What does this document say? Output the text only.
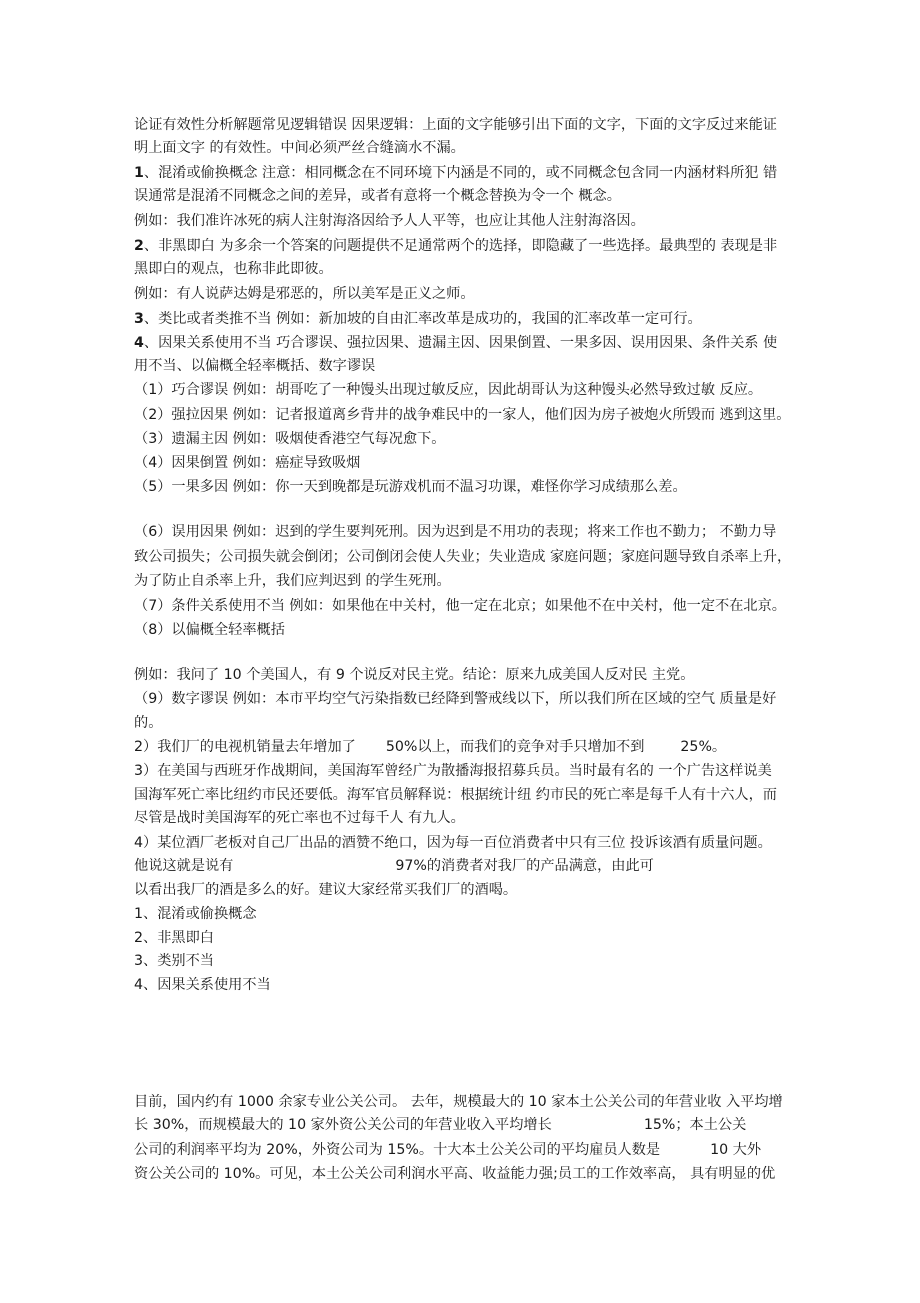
论证有效性分析解题常见逻辑错误 因果逻辑：上面的文字能够引出下面的文字，下面的文字反过来能证
明上面文字 的有效性。中间必须严丝合缝滴水不漏。
1、混淆或偷换概念 注意：相同概念在不同环境下内涵是不同的，或不同概念包含同一内涵材料所犯 错
误通常是混淆不同概念之间的差异，或者有意将一个概念替换为令一个 概念。
例如：我们准许冰死的病人注射海洛因给予人人平等，也应让其他人注射海洛因。
2、非黑即白 为多余一个答案的问题提供不足通常两个的选择，即隐藏了一些选择。最典型的 表现是非
黑即白的观点，也称非此即彼。
例如：有人说萨达姆是邪恶的，所以美军是正义之师。
3、类比或者类推不当 例如：新加坡的自由汇率改革是成功的，我国的汇率改革一定可行。
4、因果关系使用不当 巧合谬误、强拉因果、遗漏主因、因果倒置、一果多因、误用因果、条件关系 使
用不当、以偏概全轻率概括、数字谬误
（1）巧合谬误 例如：胡哥吃了一种馒头出现过敏反应，因此胡哥认为这种馒头必然导致过敏 反应。
（2）强拉因果 例如：记者报道离乡背井的战争难民中的一家人，他们因为房子被炮火所毁而 逃到这里。
（3）遗漏主因 例如：吸烟使香港空气每况愈下。
（4）因果倒置 例如：癌症导致吸烟
（5）一果多因 例如：你一天到晚都是玩游戏机而不温习功课，难怪你学习成绩那么差。
（6）误用因果 例如：迟到的学生要判死刑。因为迟到是不用功的表现；将来工作也不勤力； 不勤力导
致公司损失；公司损失就会倒闭；公司倒闭会使人失业；失业造成 家庭问题；家庭问题导致自杀率上升，
为了防止自杀率上升，我们应判迟到 的学生死刑。
（7）条件关系使用不当 例如：如果他在中关村，他一定在北京；如果他不在中关村，他一定不在北京。
（8）以偏概全轻率概括
例如：我问了 10 个美国人，有 9 个说反对民主党。结论：原来九成美国人反对民 主党。
（9）数字谬误 例如：本市平均空气污染指数已经降到警戒线以下，所以我们所在区域的空气 质量是好
的。
2）我们厂的电视机销量去年增加了 50%以上，而我们的竞争对手只增加不到	25%。
3）在美国与西班牙作战期间，美国海军曾经广为散播海报招募兵员。当时最有名的 一个广告这样说美
国海军死亡率比纽约市民还要低。海军官员解释说：根据统计纽 约市民的死亡率是每千人有十六人，而
尽管是战时美国海军的死亡率也不过每千人 有九人。
4）某位酒厂老板对自己厂出品的酒赞不绝口，因为每一百位消费者中只有三位 投诉该酒有质量问题。
他说这就是说有	97%的消费者对我厂的产品满意，由此可
以看出我厂的酒是多么的好。建议大家经常买我们厂的酒喝。
1、混淆或偷换概念
2、非黑即白
3、类别不当
4、因果关系使用不当
目前，国内约有 1000 余家专业公关公司。 去年，规模最大的 10 家本土公关公司的年营业收 入平均增
长 30%，而规模最大的 10 家外资公关公司的年营业收入平均增长	15%；本土公关
公司的利润率平均为 20%，外资公司为 15%。十大本土公关公司的平均雇员人数是	10 大外
资公关公司的 10%。可见，本土公关公司利润水平高、收益能力强;员工的工作效率高， 具有明显的优
